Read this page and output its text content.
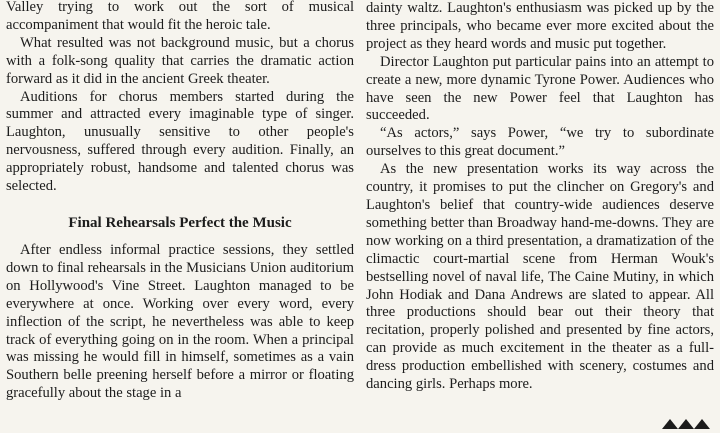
Valley trying to work out the sort of musical accompaniment that would fit the heroic tale.

What resulted was not background music, but a chorus with a folk-song quality that carries the dramatic action forward as it did in the ancient Greek theater.

Auditions for chorus members started during the summer and attracted every imaginable type of singer. Laughton, unusually sensitive to other people's nervousness, suffered through every audition. Finally, an appropriately robust, handsome and talented chorus was selected.

Final Rehearsals Perfect the Music

After endless informal practice sessions, they settled down to final rehearsals in the Musicians Union auditorium on Hollywood's Vine Street. Laughton managed to be everywhere at once. Working over every word, every inflection of the script, he nevertheless was able to keep track of everything going on in the room. When a principal was missing he would fill in himself, sometimes as a vain Southern belle preening herself before a mirror or floating gracefully about the stage in a

dainty waltz. Laughton's enthusiasm was picked up by the three principals, who became ever more excited about the project as they heard words and music put together.

Director Laughton put particular pains into an attempt to create a new, more dynamic Tyrone Power. Audiences who have seen the new Power feel that Laughton has succeeded.

“As actors,” says Power, “we try to subordinate ourselves to this great document.”

As the new presentation works its way across the country, it promises to put the clincher on Gregory's and Laughton's belief that country-wide audiences deserve something better than Broadway hand-me-downs. They are now working on a third presentation, a dramatization of the climactic court-martial scene from Herman Wouk's bestselling novel of naval life, The Caine Mutiny, in which John Hodiak and Dana Andrews are slated to appear. All three productions should bear out their theory that recitation, properly polished and presented by fine actors, can provide as much excitement in the theater as a full-dress production embellished with scenery, costumes and dancing girls. Perhaps more.
